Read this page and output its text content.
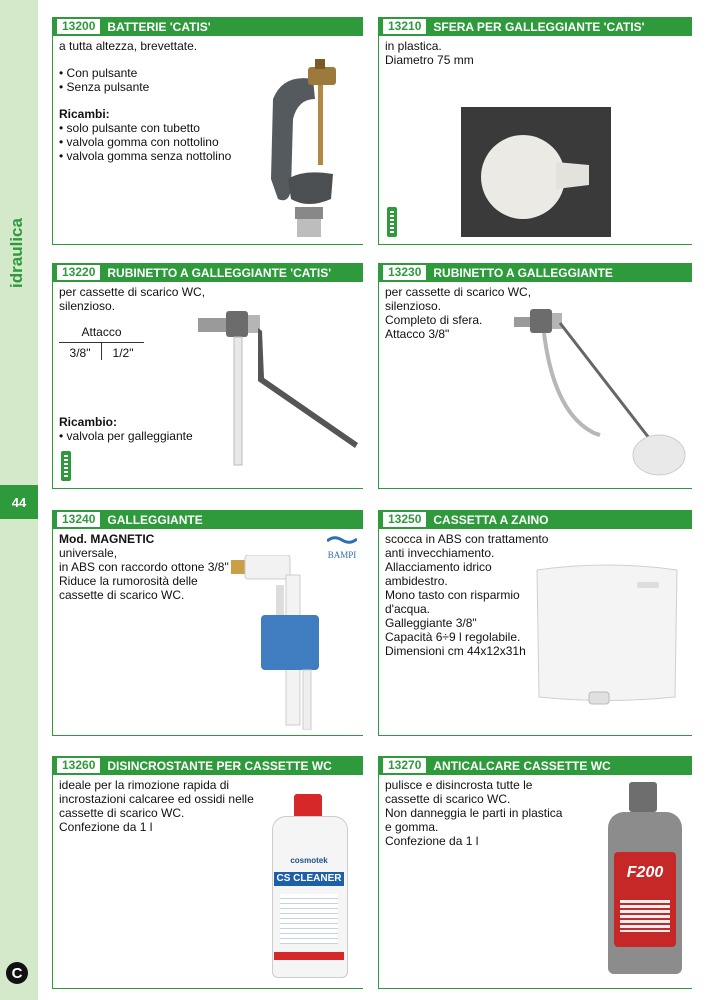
idraulica
44
C
13200	BATTERIE 'CATIS'

a tutta altezza, brevettate.

• Con pulsante
• Senza pulsante

Ricambi:

• solo pulsante con tubetto
• valvola gomma con nottolino
• valvola gomma senza nottolino
13210	SFERA PER GALLEGGIANTE 'CATIS'

in plastica.

Diametro 75 mm

13220	RUBINETTO A GALLEGGIANTE 'CATIS'

per cassette di scarico WC,

silenzioso.

Attacco
3/8"	1/2"

Ricambio:

• valvola per galleggiante
13230	RUBINETTO A GALLEGGIANTE

per cassette di scarico WC,

silenzioso.

Completo di sfera.

Attacco 3/8"

13240	GALLEGGIANTE

Mod. MAGNETIC

universale,

in ABS con raccordo ottone 3/8"

Riduce la rumorosità delle

cassette di scarico WC.

BAMPI
13250	CASSETTA A ZAINO

scocca in ABS con trattamento

anti invecchiamento.

Allacciamento idrico

ambidestro.

Mono tasto con risparmio

d'acqua.

Galleggiante 3/8"

Capacità 6÷9 l regolabile.

Dimensioni cm 44x12x31h

13260	DISINCROSTANTE PER CASSETTE WC

ideale per la rimozione rapida di

incrostazioni calcaree ed ossidi nelle

cassette di scarico WC.

Confezione da 1 l

cosmotek
CS CLEANER
13270	ANTICALCARE CASSETTE WC

pulisce e disincrosta tutte le

cassette di scarico WC.

Non danneggia le parti in plastica

e gomma.

Confezione da 1 l

F200
